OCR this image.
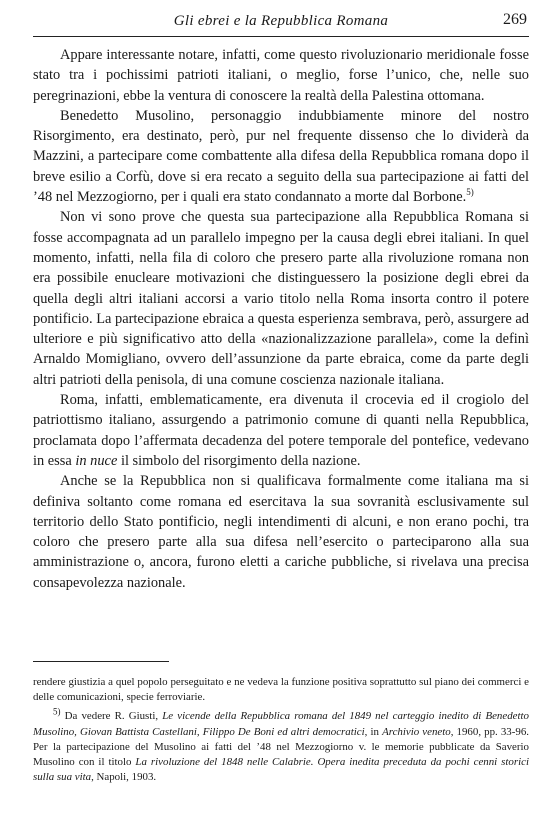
Gli ebrei e la Repubblica Romana	269

Appare interessante notare, infatti, come questo rivoluzionario meridionale fosse stato tra i pochissimi patrioti italiani, o meglio, forse l’unico, che, nelle suo peregrinazioni, ebbe la ventura di conoscere la realtà della Palestina ottomana.

Benedetto Musolino, personaggio indubbiamente minore del nostro Risorgimento, era destinato, però, pur nel frequente dissenso che lo dividerà da Mazzini, a partecipare come combattente alla difesa della Repubblica romana dopo il breve esilio a Corfù, dove si era recato a seguito della sua partecipazione ai fatti del ’48 nel Mezzogiorno, per i quali era stato condannato a morte dal Borbone.$^{5)}$

Non vi sono prove che questa sua partecipazione alla Repubblica Romana si fosse accompagnata ad un parallelo impegno per la causa degli ebrei italiani. In quel momento, infatti, nella fila di coloro che presero parte alla rivoluzione romana non era possibile enucleare motivazioni che distinguessero la posizione degli ebrei da quella degli altri italiani accorsi a vario titolo nella Roma insorta contro il potere pontificio. La partecipazione ebraica a questa esperienza sembrava, però, assurgere ad ulteriore e più significativo atto della «nazionalizzazione parallela», come la definì Arnaldo Momigliano, ovvero dell’assunzione da parte ebraica, come da parte degli altri patrioti della penisola, di una comune coscienza nazionale italiana.

Roma, infatti, emblematicamente, era divenuta il crocevia ed il crogiolo del patriottismo italiano, assurgendo a patrimonio comune di quanti nella Repubblica, proclamata dopo l’affermata decadenza del potere temporale del pontefice, vedevano in essa in nuce il simbolo del risorgimento della nazione.

Anche se la Repubblica non si qualificava formalmente come italiana ma si definiva soltanto come romana ed esercitava la sua sovranità esclusivamente sul territorio dello Stato pontificio, negli intendimenti di alcuni, e non erano pochi, tra coloro che presero parte alla sua difesa nell’esercito o parteciparono alla sua amministrazione o, ancora, furono eletti a cariche pubbliche, si rivelava una precisa consapevolezza nazionale.

rendere giustizia a quel popolo perseguitato e ne vedeva la funzione positiva soprattutto sul piano dei commerci e delle comunicazioni, specie ferroviarie.

$^{5)}$ Da vedere R. Giusti, Le vicende della Repubblica romana del 1849 nel carteggio inedito di Benedetto Musolino, Giovan Battista Castellani, Filippo De Boni ed altri democratici, in Archivio veneto, 1960, pp. 33-96. Per la partecipazione del Musolino ai fatti del ’48 nel Mezzogiorno v. le memorie pubblicate da Saverio Musolino con il titolo La rivoluzione del 1848 nelle Calabrie. Opera inedita preceduta da pochi cenni storici sulla sua vita, Napoli, 1903.
